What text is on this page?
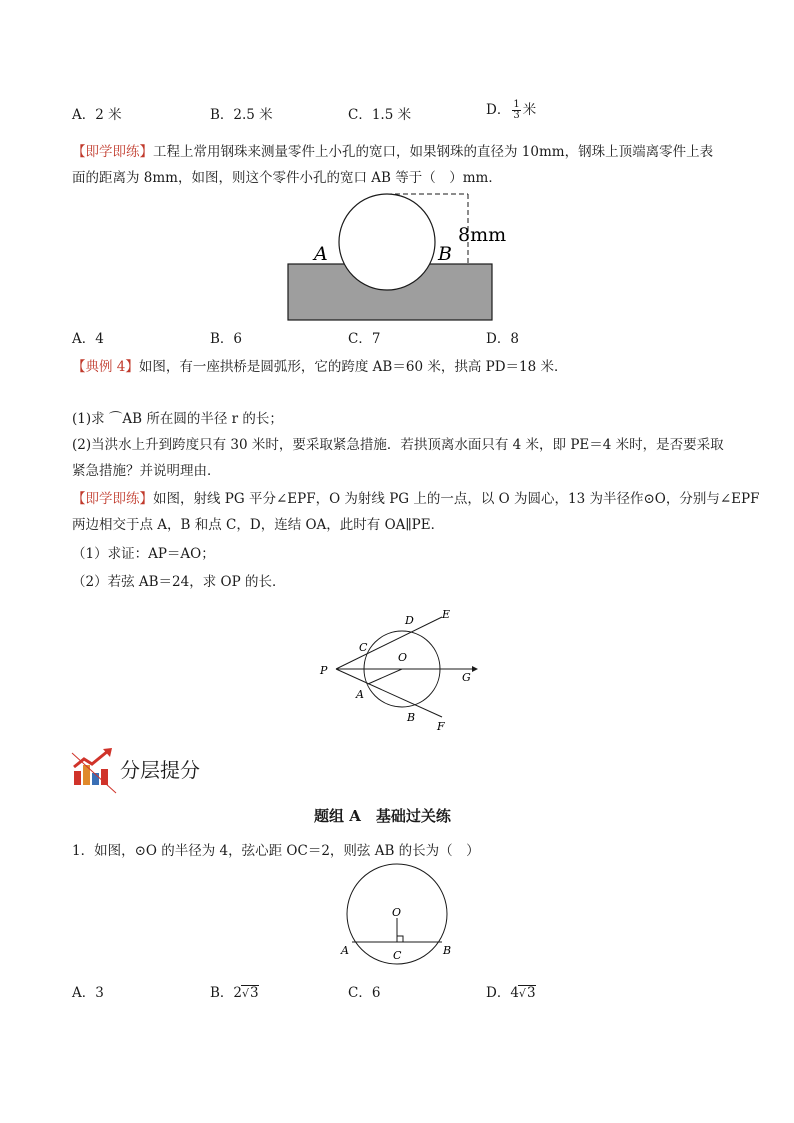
A．2 米	B．2.5 米	C．1.5 米	D． $\frac{1}{3}$ 米
【即学即练】工程上常用钢珠来测量零件上小孔的宽口，如果钢珠的直径为 10mm，钢珠上顶端离零件上表
面的距离为 8mm，如图，则这个零件小孔的宽口 AB 等于（　）mm．
A	B
8mm
A．4	B．6	C．7	D．8
【典例 4】如图，有一座拱桥是圆弧形，它的跨度 AB＝60 米，拱高 PD＝18 米．
(1)求 ⌒AB 所在圆的半径 r 的长；
(2)当洪水上升到跨度只有 30 米时，要采取紧急措施．若拱顶离水面只有 4 米，即 PE＝4 米时，是否要采取
紧急措施？并说明理由．
【即学即练】如图，射线 PG 平分∠EPF，O 为射线 PG 上的一点，以 O 为圆心，13 为半径作⊙O，分别与∠EPF
两边相交于点 A，B 和点 C，D，连结 OA，此时有 OA∥PE．
（1）求证：AP＝AO；
（2）若弦 AB＝24，求 OP 的长．
P
C
D	E
O
G
A
B
F
分层提分
题组 A　基础过关练
1．如图，⊙O 的半径为 4，弦心距 OC＝2，则弦 AB 的长为（　）
O
A	B
C
A．3	B．2√3	C．6	D．4√3
